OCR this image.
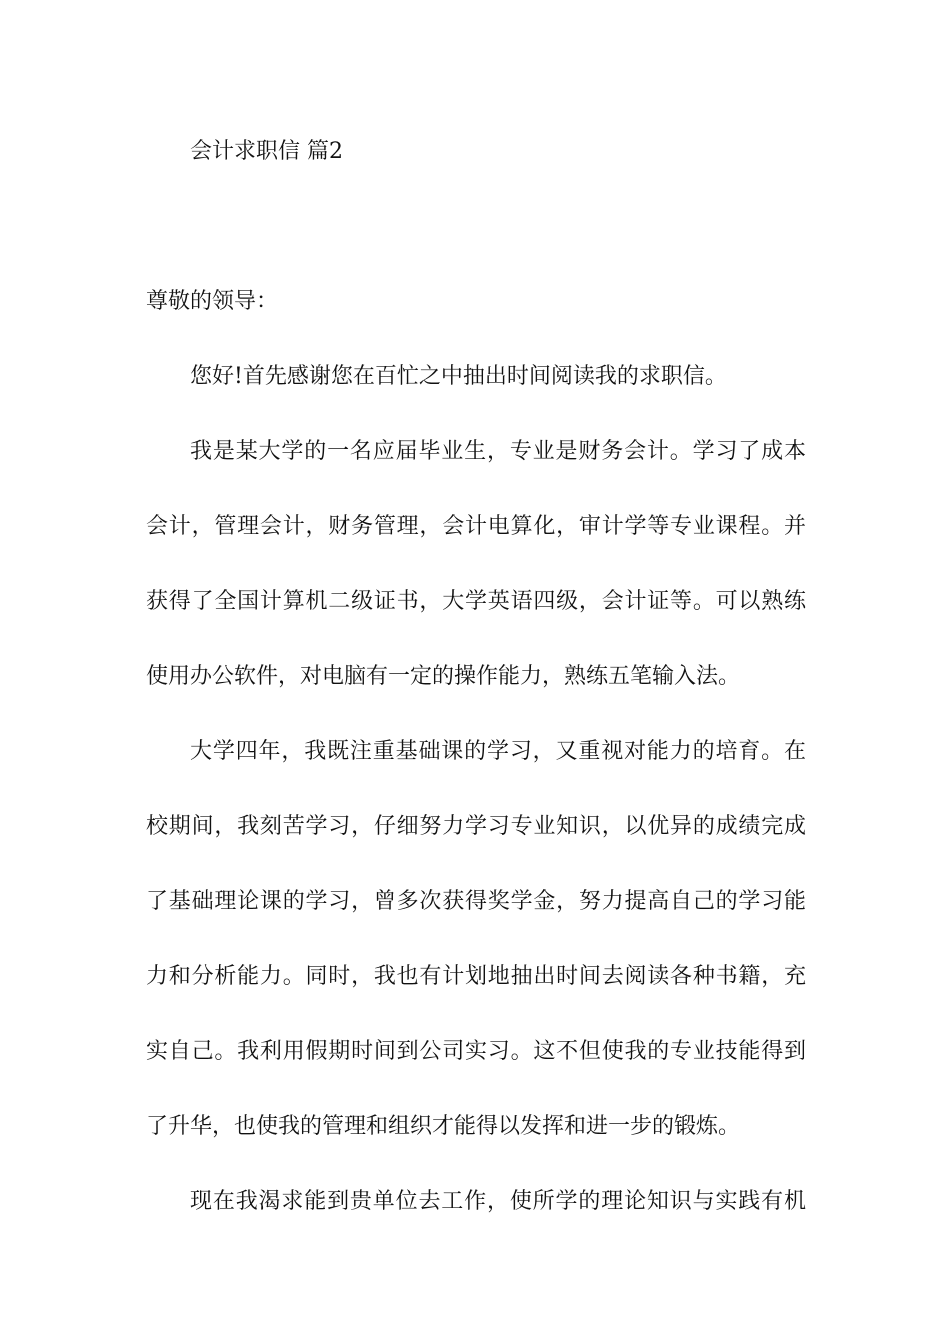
会计求职信 篇2
尊敬的领导：
您好!首先感谢您在百忙之中抽出时间阅读我的求职信。
我是某大学的一名应届毕业生，专业是财务会计。学习了成本
会计，管理会计，财务管理，会计电算化，审计学等专业课程。并
获得了全国计算机二级证书，大学英语四级，会计证等。可以熟练
使用办公软件，对电脑有一定的操作能力，熟练五笔输入法。
大学四年，我既注重基础课的学习，又重视对能力的培育。在
校期间，我刻苦学习，仔细努力学习专业知识，以优异的成绩完成
了基础理论课的学习，曾多次获得奖学金，努力提高自己的学习能
力和分析能力。同时，我也有计划地抽出时间去阅读各种书籍，充
实自己。我利用假期时间到公司实习。这不但使我的专业技能得到
了升华，也使我的管理和组织才能得以发挥和进一步的锻炼。
现在我渴求能到贵单位去工作，使所学的理论知识与实践有机
